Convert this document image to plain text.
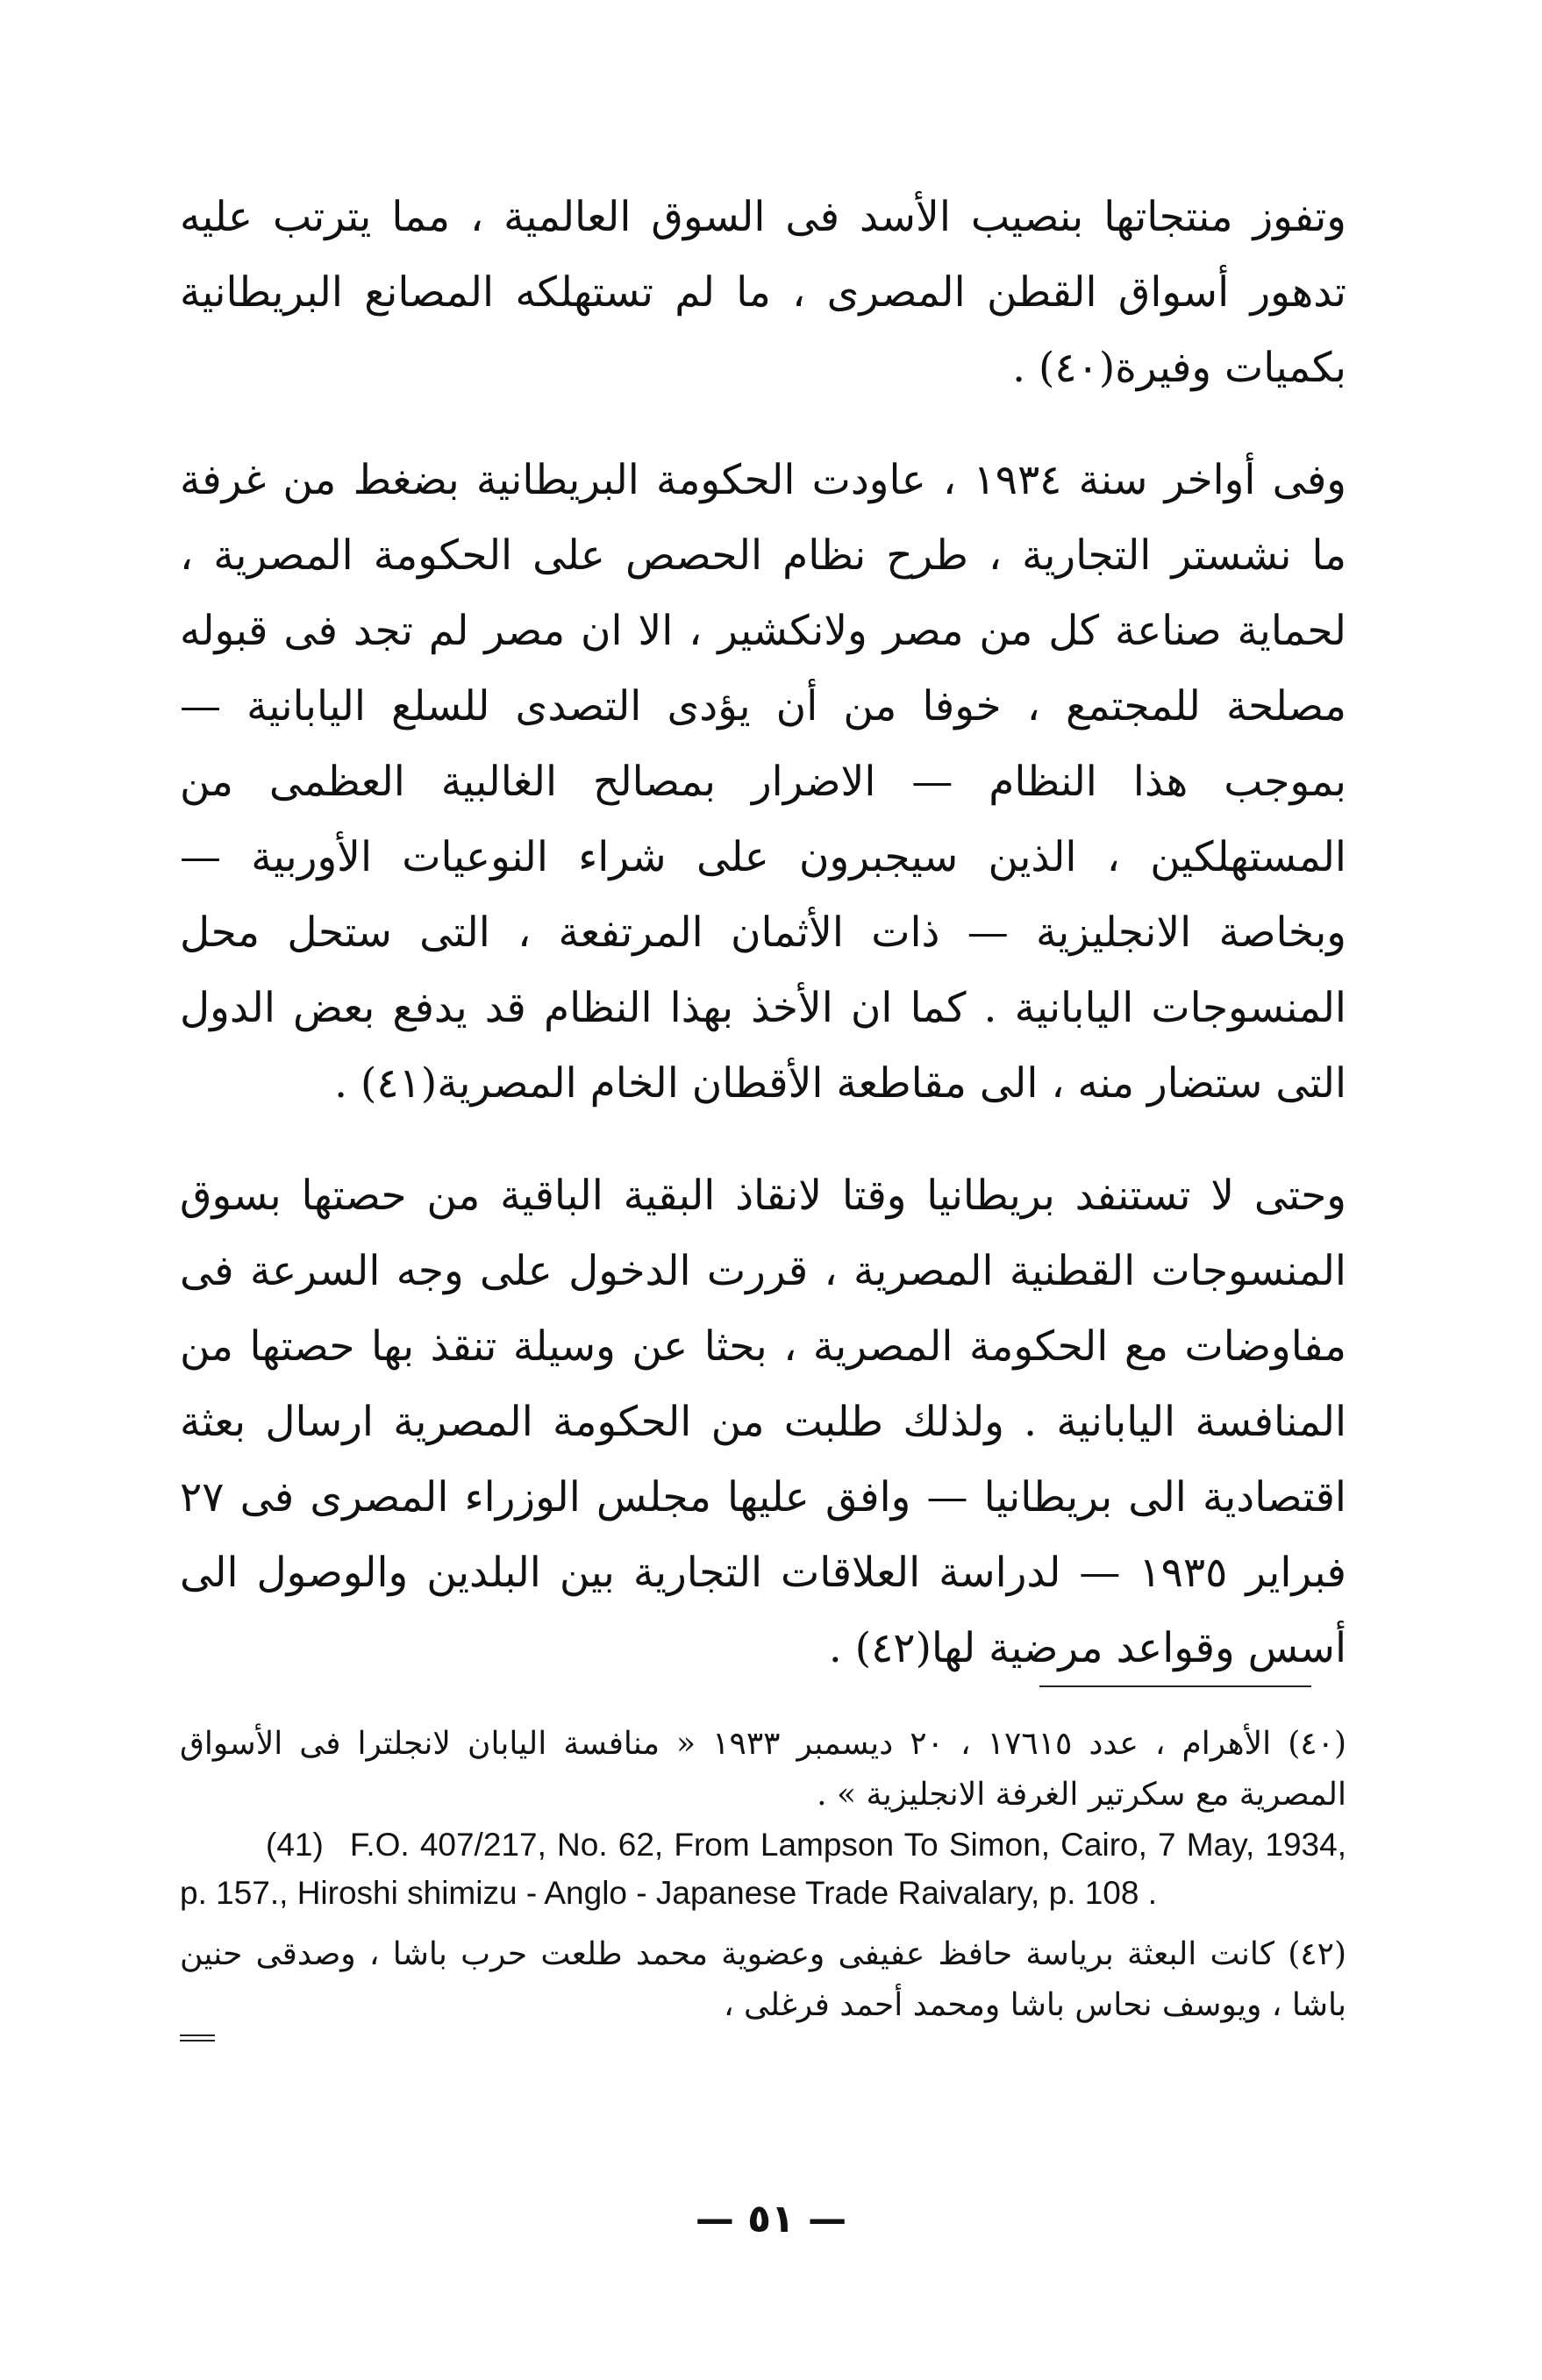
وتفوز منتجاتها بنصيب الأسد فى السوق العالمية ، مما يترتب عليه تدهور أسواق القطن المصرى ، ما لم تستهلكه المصانع البريطانية بكميات وفيرة(٤٠) .

وفى أواخر سنة ١٩٣٤ ، عاودت الحكومة البريطانية بضغط من غرفة ما نشستر التجارية ، طرح نظام الحصص على الحكومة المصرية ، لحماية صناعة كل من مصر ولانكشير ، الا ان مصر لم تجد فى قبوله مصلحة للمجتمع ، خوفا من أن يؤدى التصدى للسلع اليابانية — بموجب هذا النظام — الاضرار بمصالح الغالبية العظمى من المستهلكين ، الذين سيجبرون على شراء النوعيات الأوربية — وبخاصة الانجليزية — ذات الأثمان المرتفعة ، التى ستحل محل المنسوجات اليابانية . كما ان الأخذ بهذا النظام قد يدفع بعض الدول التى ستضار منه ، الى مقاطعة الأقطان الخام المصرية(٤١) .

وحتى لا تستنفد بريطانيا وقتا لانقاذ البقية الباقية من حصتها بسوق المنسوجات القطنية المصرية ، قررت الدخول على وجه السرعة فى مفاوضات مع الحكومة المصرية ، بحثا عن وسيلة تنقذ بها حصتها من المنافسة اليابانية . ولذلك طلبت من الحكومة المصرية ارسال بعثة اقتصادية الى بريطانيا — وافق عليها مجلس الوزراء المصرى فى ٢٧ فبراير ١٩٣٥ — لدراسة العلاقات التجارية بين البلدين والوصول الى أسس وقواعد مرضية لها(٤٢) .

(٤٠) الأهرام ، عدد ١٧٦١٥ ، ٢٠ ديسمبر ١٩٣٣ « منافسة اليابان لانجلترا فى الأسواق المصرية مع سكرتير الغرفة الانجليزية » .

(41) F.O. 407/217, No. 62, From Lampson To Simon, Cairo, 7 May, 1934, p. 157., Hiroshi shimizu - Anglo - Japanese Trade Raivalary, p. 108 .

(٤٢) كانت البعثة برياسة حافظ عفيفى وعضوية محمد طلعت حرب باشا ، وصدقى حنين باشا ، ويوسف نحاس باشا ومحمد أحمد فرغلى ،

— ٥١ —
